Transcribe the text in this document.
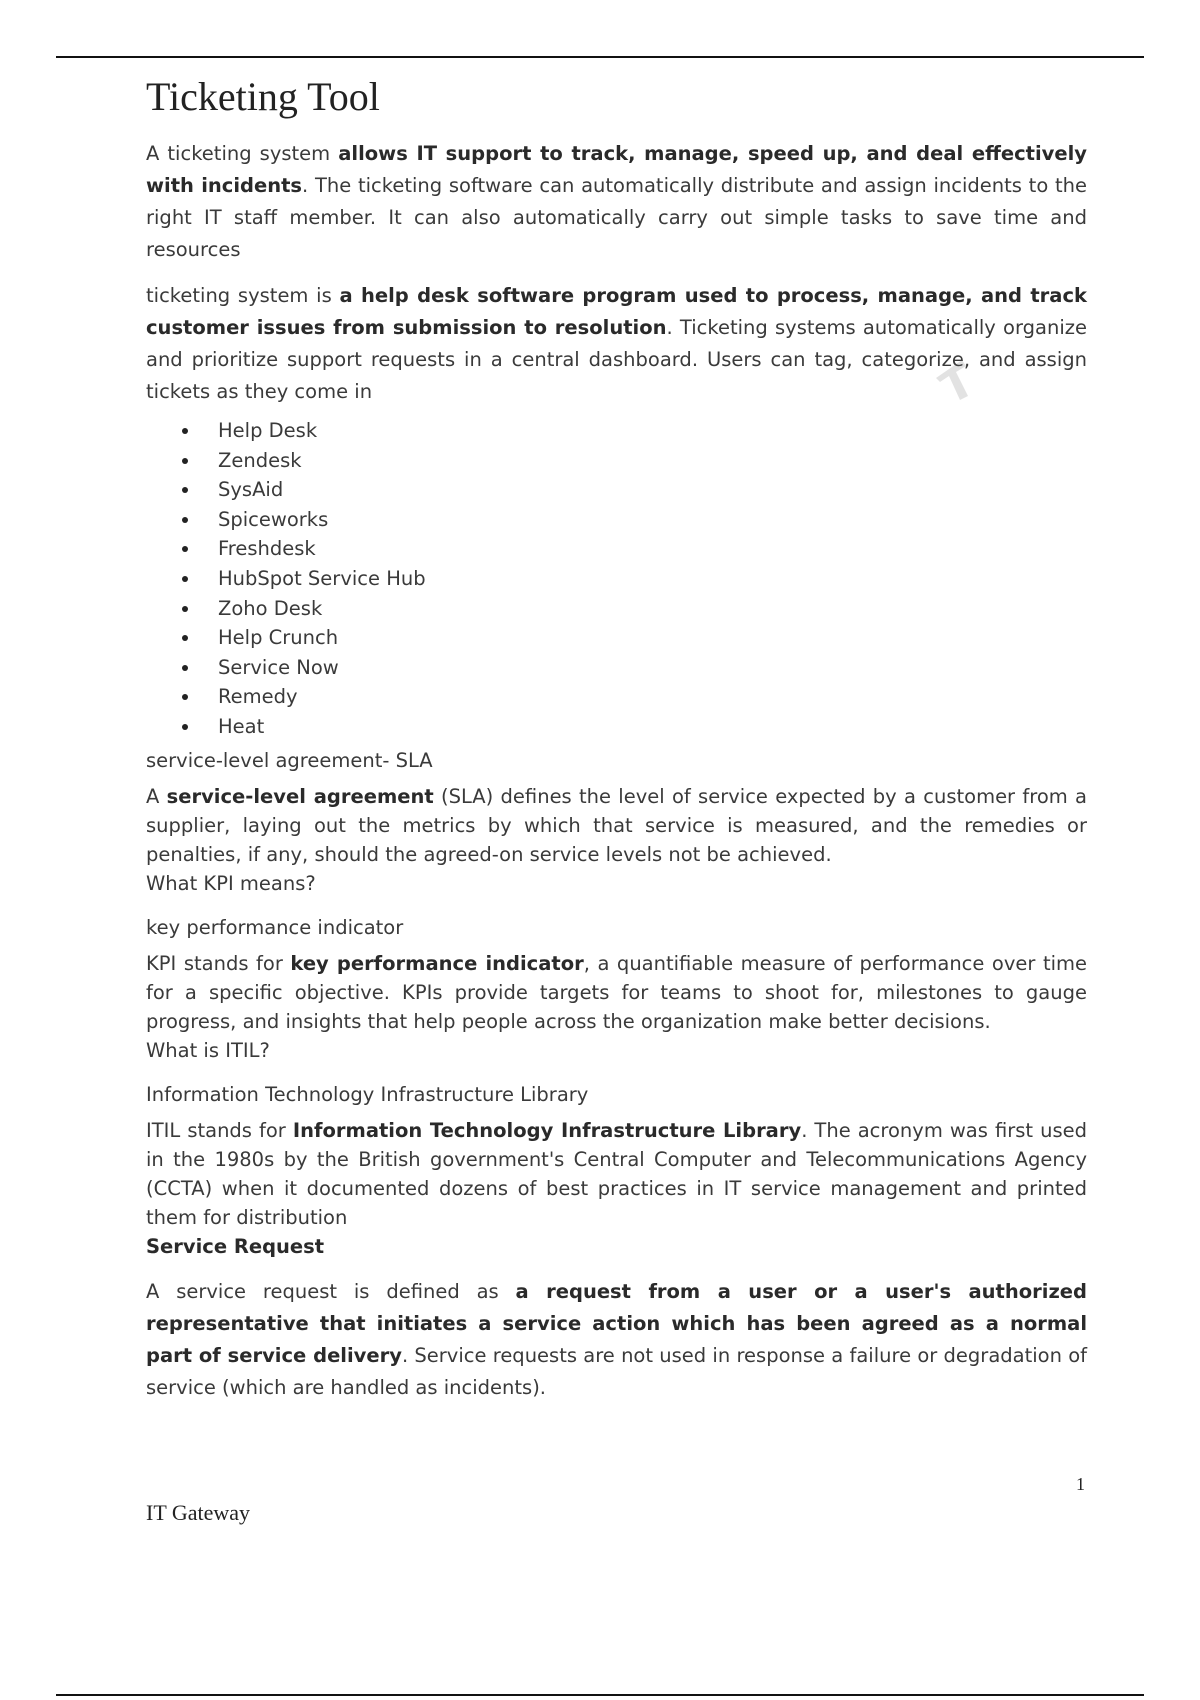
Ticketing Tool

A ticketing system allows IT support to track, manage, speed up, and deal effectively with incidents. The ticketing software can automatically distribute and assign incidents to the right IT staff member. It can also automatically carry out simple tasks to save time and resources

ticketing system is a help desk software program used to process, manage, and track customer issues from submission to resolution. Ticketing systems automatically organize and prioritize support requests in a central dashboard. Users can tag, categorize, and assign tickets as they come in

Help Desk
Zendesk
SysAid
Spiceworks
Freshdesk
HubSpot Service Hub
Zoho Desk
Help Crunch
Service Now
Remedy
Heat
service-level agreement- SLA

A service-level agreement (SLA) defines the level of service expected by a customer from a supplier, laying out the metrics by which that service is measured, and the remedies or penalties, if any, should the agreed-on service levels not be achieved.

What KPI means?
key performance indicator

KPI stands for key performance indicator, a quantifiable measure of performance over time for a specific objective. KPIs provide targets for teams to shoot for, milestones to gauge progress, and insights that help people across the organization make better decisions.

What is ITIL?
Information Technology Infrastructure Library

ITIL stands for Information Technology Infrastructure Library. The acronym was first used in the 1980s by the British government's Central Computer and Telecommunications Agency (CCTA) when it documented dozens of best practices in IT service management and printed them for distribution

Service Request

A service request is defined as a request from a user or a user's authorized representative that initiates a service action which has been agreed as a normal part of service delivery. Service requests are not used in response a failure or degradation of service (which are handled as incidents).

1
IT Gateway
